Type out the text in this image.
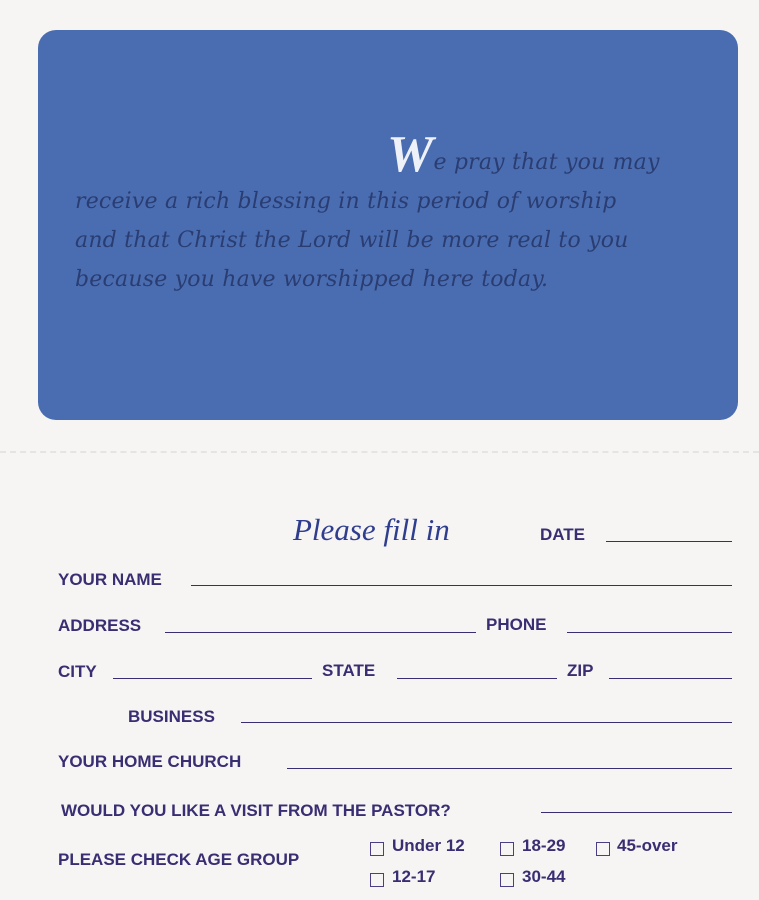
We pray that you may
receive a rich blessing in this period of worship
and that Christ the Lord will be more real to you
because you have worshipped here today.
Please fill in	DATE
YOUR NAME
ADDRESS	PHONE
CITY	STATE	ZIP
BUSINESS
YOUR HOME CHURCH
WOULD YOU LIKE A VISIT FROM THE PASTOR?
PLEASE CHECK AGE GROUP
Under 12	18-29	45-over
12-17	30-44
